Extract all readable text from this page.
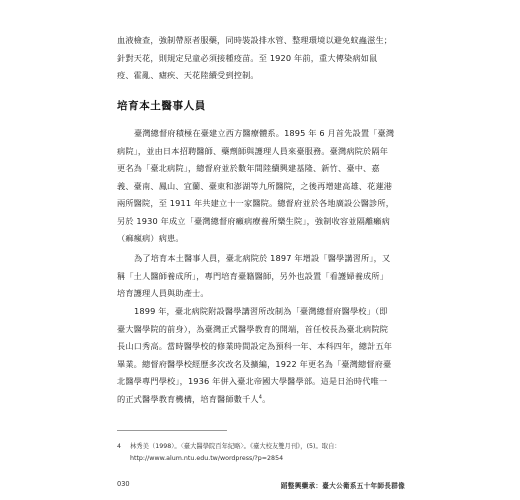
血液檢查，強制帶原者服藥，同時裝設排水管、整理環境以避免蚊蟲滋生；
針對天花，則規定兒童必須接種疫苗。至 1920 年前，重大傳染病如鼠
疫、霍亂、瘧疾、天花陸續受到控制。
培育本土醫事人員
臺灣總督府積極在臺建立西方醫療體系。1895 年 6 月首先設置「臺灣
病院」，並由日本招聘醫師、藥劑師與護理人員來臺服務。臺灣病院於隔年
更名為「臺北病院」，總督府並於數年間陸續興建基隆、新竹、臺中、嘉
義、臺南、鳳山、宜蘭、臺東和澎湖等九所醫院，之後再增建高雄、花蓮港
兩所醫院，至 1911 年共建立十一家醫院。總督府並於各地廣設公醫診所，
另於 1930 年成立「臺灣總督府癩病療養所樂生院」，強制收容並隔離癩病
（痲瘋病）病患。
為了培育本土醫事人員，臺北病院於 1897 年增設「醫學講習所」，又
稱「土人醫師養成所」，專門培育臺籍醫師，另外也設置「看護婦養成所」
培育護理人員與助產士。
1899 年，臺北病院附設醫學講習所改制為「臺灣總督府醫學校」（即
臺大醫學院的前身），為臺灣正式醫學教育的開端，首任校長為臺北病院院
長山口秀高。當時醫學校的修業時間設定為預科一年、本科四年，總計五年
畢業。總督府醫學校經歷多次改名及擴編，1922 年更名為「臺灣總督府臺
北醫學專門學校」，1936 年併入臺北帝國大學醫學部。這是日治時代唯一
的正式醫學教育機構，培育醫師數千人$^4$。
4 林秀美（1998）。〈臺大醫學院百年紀略〉。《臺大校友雙月刊》，(5)。取自：
http://www.alum.ntu.edu.tw/wordpress/?p=2854
030	蹈整興藥承：臺大公衛系五十年師長群像
